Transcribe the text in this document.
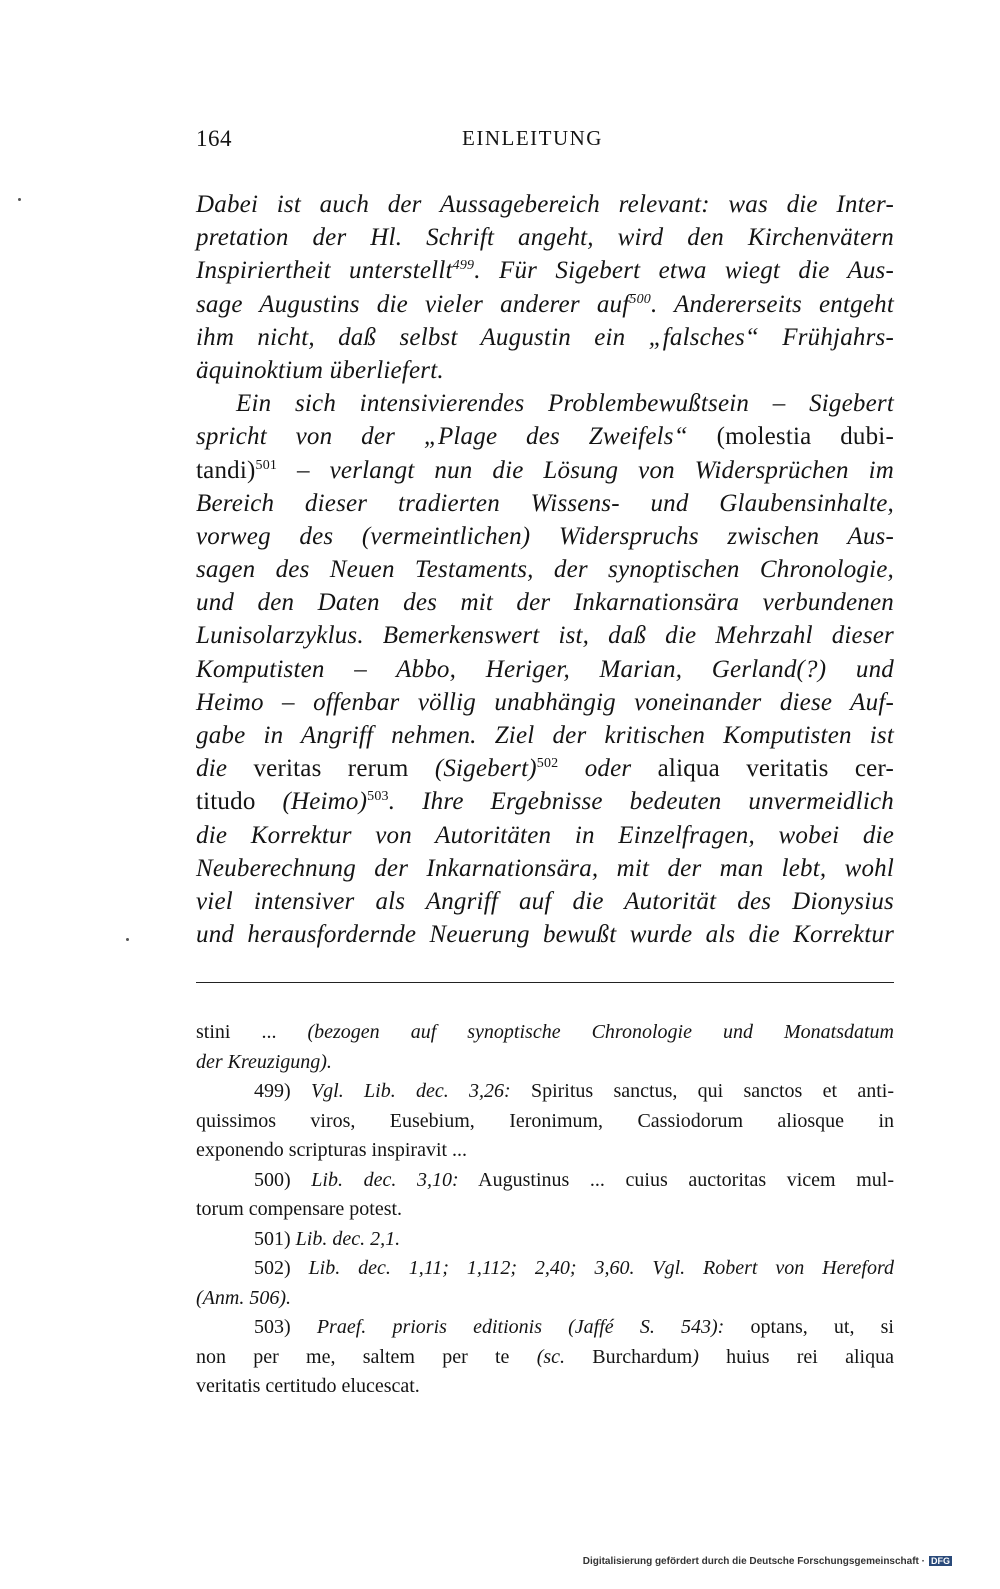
164	EINLEITUNG
Dabei ist auch der Aussagebereich relevant: was die Inter-
pretation der Hl. Schrift angeht, wird den Kirchenvätern
Inspiriertheit unterstellt$^{499}$. Für Sigebert etwa wiegt die Aus-
sage Augustins die vieler anderer auf$^{500}$. Andererseits entgeht
ihm nicht, daß selbst Augustin ein „falsches“ Frühjahrs-
äquinoktium überliefert.
Ein sich intensivierendes Problembewußtsein – Sigebert
spricht von der „Plage des Zweifels“ (molestia dubi-
tandi)$^{501}$ – verlangt nun die Lösung von Widersprüchen im
Bereich dieser tradierten Wissens- und Glaubensinhalte,
vorweg des (vermeintlichen) Widerspruchs zwischen Aus-
sagen des Neuen Testaments, der synoptischen Chronologie,
und den Daten des mit der Inkarnationsära verbundenen
Lunisolarzyklus. Bemerkenswert ist, daß die Mehrzahl dieser
Komputisten – Abbo, Heriger, Marian, Gerland(?) und
Heimo – offenbar völlig unabhängig voneinander diese Auf-
gabe in Angriff nehmen. Ziel der kritischen Komputisten ist
die veritas rerum (Sigebert)$^{502}$ oder aliqua veritatis cer-
titudo (Heimo)$^{503}$. Ihre Ergebnisse bedeuten unvermeidlich
die Korrektur von Autoritäten in Einzelfragen, wobei die
Neuberechnung der Inkarnationsära, mit der man lebt, wohl
viel intensiver als Angriff auf die Autorität des Dionysius
und herausfordernde Neuerung bewußt wurde als die Korrektur
stini ... (bezogen auf synoptische Chronologie und Monatsdatum
der Kreuzigung).
499) Vgl. Lib. dec. 3,26: Spiritus sanctus, qui sanctos et anti-
quissimos viros, Eusebium, Ieronimum, Cassiodorum aliosque in
exponendo scripturas inspiravit ...
500) Lib. dec. 3,10: Augustinus ... cuius auctoritas vicem mul-
torum compensare potest.
501) Lib. dec. 2,1.
502) Lib. dec. 1,11; 1,112; 2,40; 3,60. Vgl. Robert von Hereford
(Anm. 506).
503) Praef. prioris editionis (Jaffé S. 543): optans, ut, si
non per me, saltem per te (sc. Burchardum) huius rei aliqua
veritatis certitudo elucescat.
Digitalisierung gefördert durch die Deutsche Forschungsgemeinschaft · DFG
